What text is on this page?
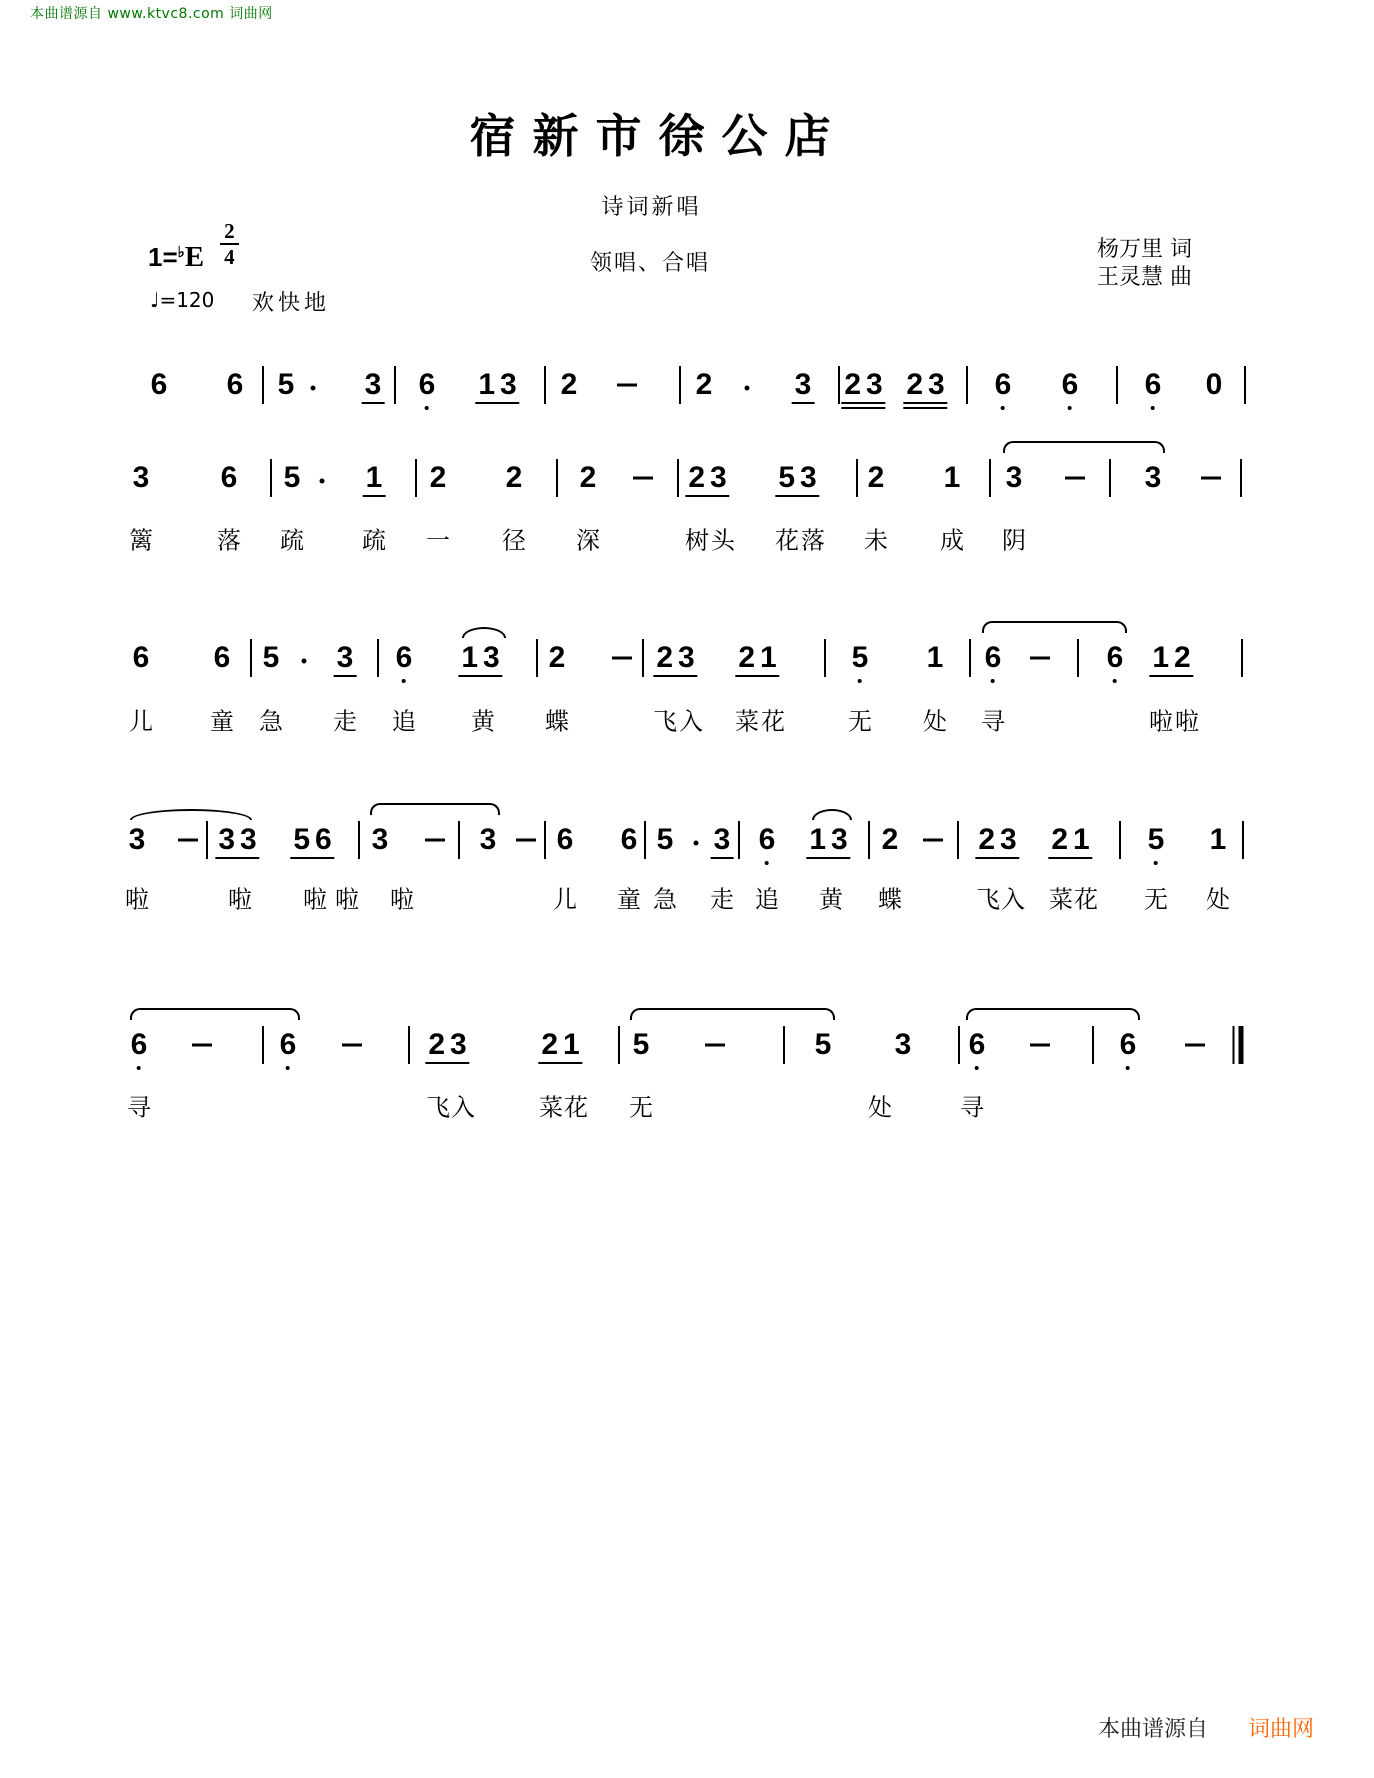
本曲谱源自 www.ktvc8.com 词曲网
宿新市徐公店
诗词新唱
领唱、合唱
$1=^♭E \frac{2}{4}$
♩=120 欢快地
杨万里 词
王灵慧 曲
6 6 5 3 6 13 2	2	3 23 23 6 6 6 0
3 6 5 1 2 2 2	23 53 2 1 3	3
篱	落 疏 疏 一 径 深	树 头 花 落 未 成 阴
6 6 5 3 6 13 2	23 21 5 1 6	6 12
儿 童 急 走 追 黄 蝶	飞 入 菜 花	无 处 寻	啦 啦
3 33 56 3	3 6 6 5 3 6 13 2	23 21 5 1
啦	啦 啦 啦 啦	儿 童 急 走 追 黄 蝶	飞 入 菜 花 无 处
6	6	23 21 5	5 3 6	6
寻	飞 入	菜 花 无	处	寻
本曲谱源自 词曲网
